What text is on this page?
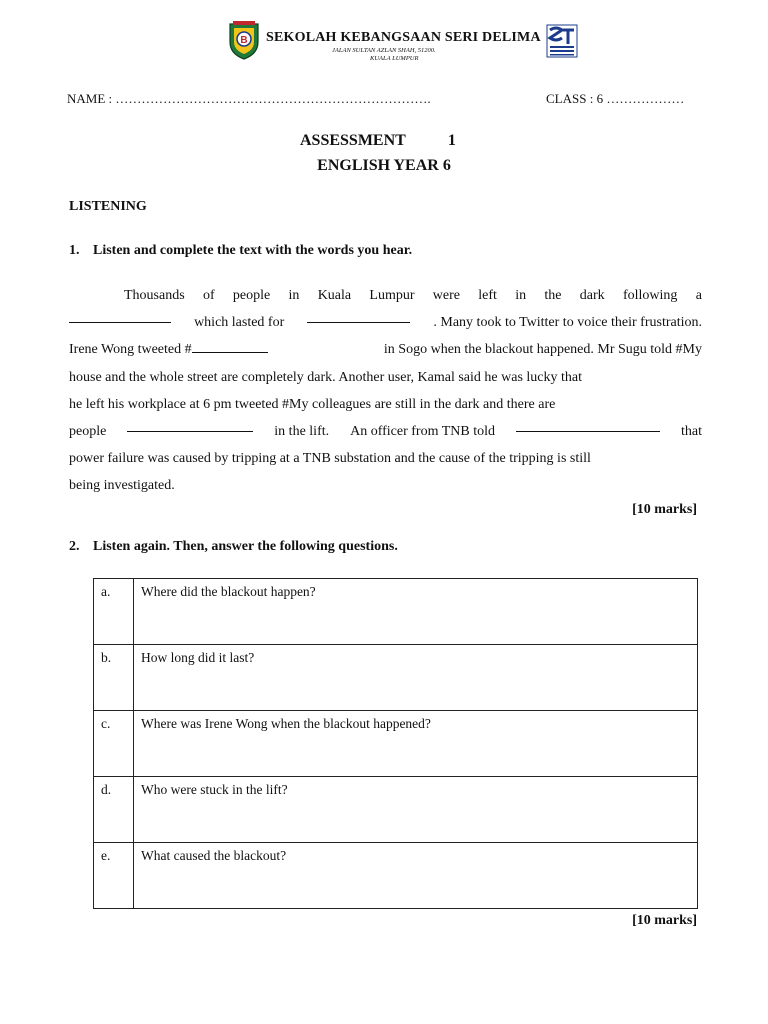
B SEKOLAH KEBANGSAAN SERI DELIMA
JALAN SULTAN AZLAN SHAH, 51200.
KUALA LUMPUR
NAME : ……………………………………………………………….	CLASS : 6 ………………
ASSESSMENT	1
ENGLISH YEAR 6
LISTENING
1. Listen and complete the text with the words you hear.
Thousands of people in Kuala Lumpur were left in the dark following a
which lasted for	. Many took to Twitter to voice their frustration.
Irene Wong tweeted #	in Sogo when the blackout happened. Mr Sugu told #My
house and the whole street are completely dark. Another user, Kamal said he was lucky that
he left his workplace at 6 pm tweeted #My colleagues are still in the dark and there are
people	in the lift. An officer from TNB told	that
power failure was caused by tripping at a TNB substation and the cause of the tripping is still
being investigated.
[10 marks]
2. Listen again. Then, answer the following questions.
a.	Where did the blackout happen?
b.	How long did it last?
c.	Where was Irene Wong when the blackout happened?
d.	Who were stuck in the lift?
e.	What caused the blackout?
[10 marks]
